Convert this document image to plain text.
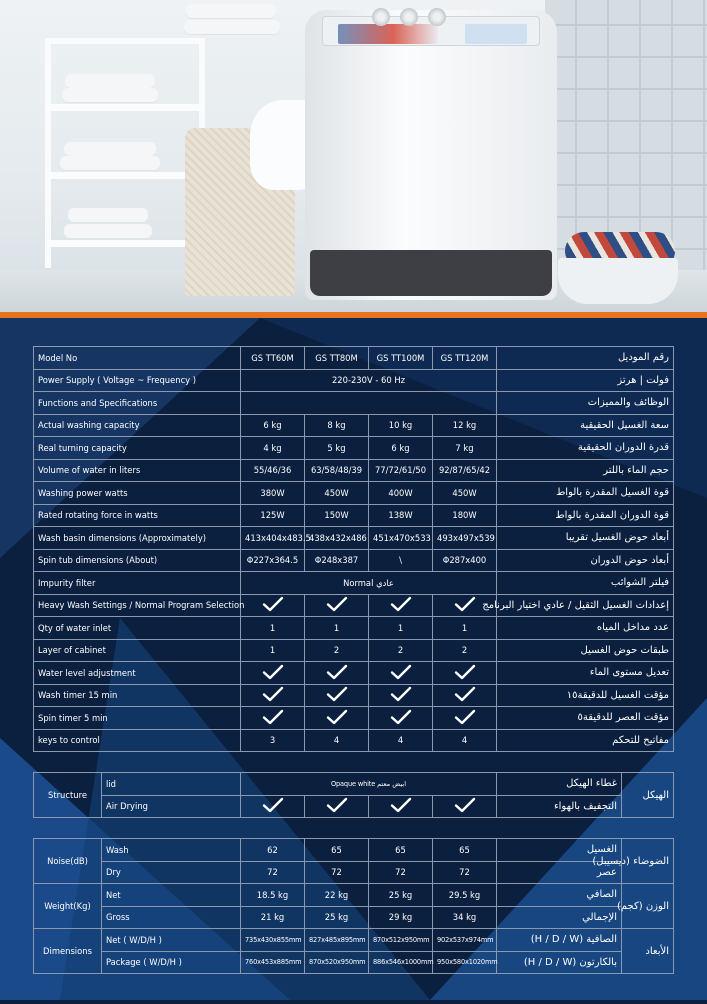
Model No	GS TT60M	GS TT80M	GS TT100M	GS TT120M	رقم الموديل
Power Supply ( Voltage ~ Frequency )	220-230V - 60 Hz				فولت | هرتز
Functions and Specifications					الوظائف والمميزات
Actual washing capacity	6 kg	8 kg	10 kg	12 kg	سعة الغسيل الحقيقية
Real turning capacity	4 kg	5 kg	6 kg	7 kg	قدرة الدوران الحقيقية
Volume of water in liters	55/46/36	63/58/48/39	77/72/61/50	92/87/65/42	حجم الماء باللتر
Washing power watts	380W	450W	400W	450W	قوة الغسيل المقدرة بالواط
Rated rotating force in watts	125W	150W	138W	180W	قوة الدوران المقدرة بالواط
Wash basin dimensions (Approximately)	413x404x483.5	438x432x486	451x470x533	493x497x539	أبعاد حوض الغسيل تقريبا
Spin tub dimensions (About)	Φ227x364.5	Φ248x387	\	Φ287x400	أبعاد حوض الدوران
Impurity filter	Normal عادي				فيلتر الشوائب
Heavy Wash Settings / Normal Program Selection					إعدادات الغسيل الثقيل / عادي اختيار البرنامج
Qty of water inlet	1	1	1	1	عدد مداخل المياه
Layer of cabinet	1	2	2	2	طبقات حوض الغسيل
Water level adjustment					تعديل مستوى الماء
Wash timer 15 min					مؤقت الغسيل للدقيقة١٥
Spin timer 5 min					مؤقت العصر للدقيقة٥
keys to control	3	4	4	4	مفاتيح للتحكم
Structure	lid	Opaque white ابيض معتم				غطاء الهيكل	الهيكل
	Air Drying					التجفيف بالهواء	
Noise(dB)	Wash	62	65	65	65	الغسيل	الضوضاء (ديسيبل)
	Dry	72	72	72	72	عصر	
Weight(Kg)	Net	18.5 kg	22 kg	25 kg	29.5 kg	الصافي	الوزن (كجم)
	Gross	21 kg	25 kg	29 kg	34 kg	الإجمالي	
Dimensions	Net ( W/D/H )	735x430x855mm	827x485x895mm	870x512x950mm	902x537x974mm	الصافية (H / D / W)	الأبعاد
	Package ( W/D/H )	760x453x885mm	870x520x950mm	886x546x1000mm	950x580x1020mm	بالكارتون (H / D / W)	
